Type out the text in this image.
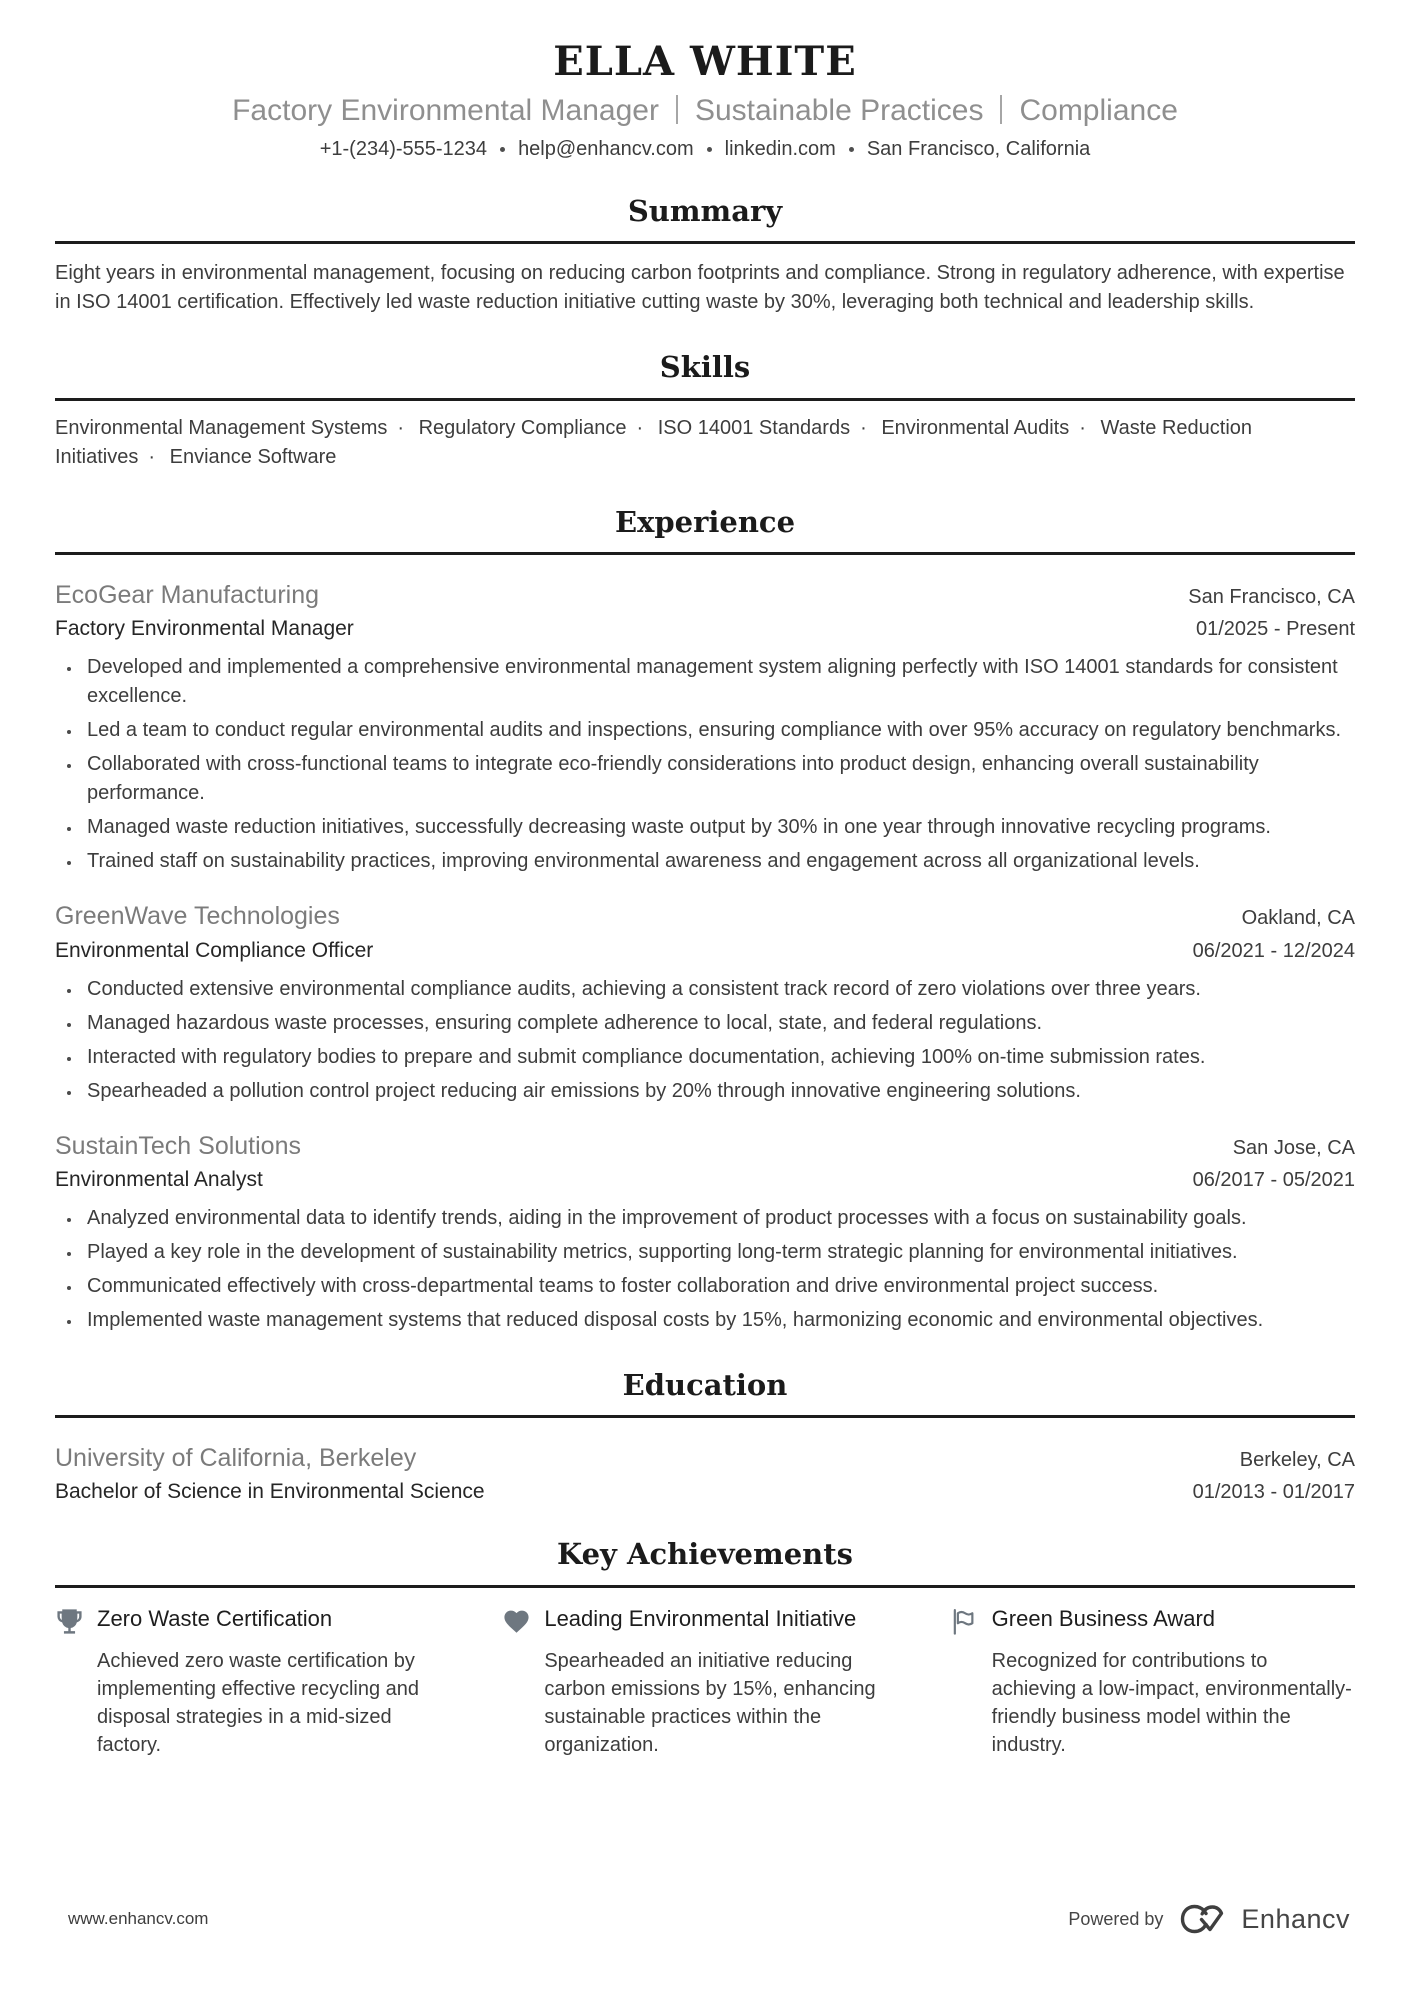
ELLA WHITE
Factory Environmental Manager Sustainable Practices Compliance
+1-(234)-555-1234 help@enhancv.com linkedin.com San Francisco, California
Summary

Eight years in environmental management, focusing on reducing carbon footprints and compliance. Strong in regulatory adherence, with expertise in ISO 14001 certification. Effectively led waste reduction initiative cutting waste by 30%, leveraging both technical and leadership skills.

Skills
Environmental Management Systems · Regulatory Compliance · ISO 14001 Standards · Environmental Audits · Waste Reduction Initiatives · Enviance Software
Experience
EcoGear Manufacturing	San Francisco, CA
Factory Environmental Manager	01/2025 - Present
• Developed and implemented a comprehensive environmental management system aligning perfectly with ISO 14001 standards for consistent excellence.
• Led a team to conduct regular environmental audits and inspections, ensuring compliance with over 95% accuracy on regulatory benchmarks.
• Collaborated with cross-functional teams to integrate eco-friendly considerations into product design, enhancing overall sustainability performance.
• Managed waste reduction initiatives, successfully decreasing waste output by 30% in one year through innovative recycling programs.
• Trained staff on sustainability practices, improving environmental awareness and engagement across all organizational levels.
GreenWave Technologies	Oakland, CA
Environmental Compliance Officer	06/2021 - 12/2024
• Conducted extensive environmental compliance audits, achieving a consistent track record of zero violations over three years.
• Managed hazardous waste processes, ensuring complete adherence to local, state, and federal regulations.
• Interacted with regulatory bodies to prepare and submit compliance documentation, achieving 100% on-time submission rates.
• Spearheaded a pollution control project reducing air emissions by 20% through innovative engineering solutions.
SustainTech Solutions	San Jose, CA
Environmental Analyst	06/2017 - 05/2021
• Analyzed environmental data to identify trends, aiding in the improvement of product processes with a focus on sustainability goals.
• Played a key role in the development of sustainability metrics, supporting long-term strategic planning for environmental initiatives.
• Communicated effectively with cross-departmental teams to foster collaboration and drive environmental project success.
• Implemented waste management systems that reduced disposal costs by 15%, harmonizing economic and environmental objectives.
Education
University of California, Berkeley	Berkeley, CA
Bachelor of Science in Environmental Science	01/2013 - 01/2017
Key Achievements
Zero Waste Certification
Achieved zero waste certification by implementing effective recycling and disposal strategies in a mid-sized factory.
Leading Environmental Initiative
Spearheaded an initiative reducing carbon emissions by 15%, enhancing sustainable practices within the organization.
Green Business Award
Recognized for contributions to achieving a low-impact, environmentally-friendly business model within the industry.
www.enhancv.com	Powered by	Enhancv
